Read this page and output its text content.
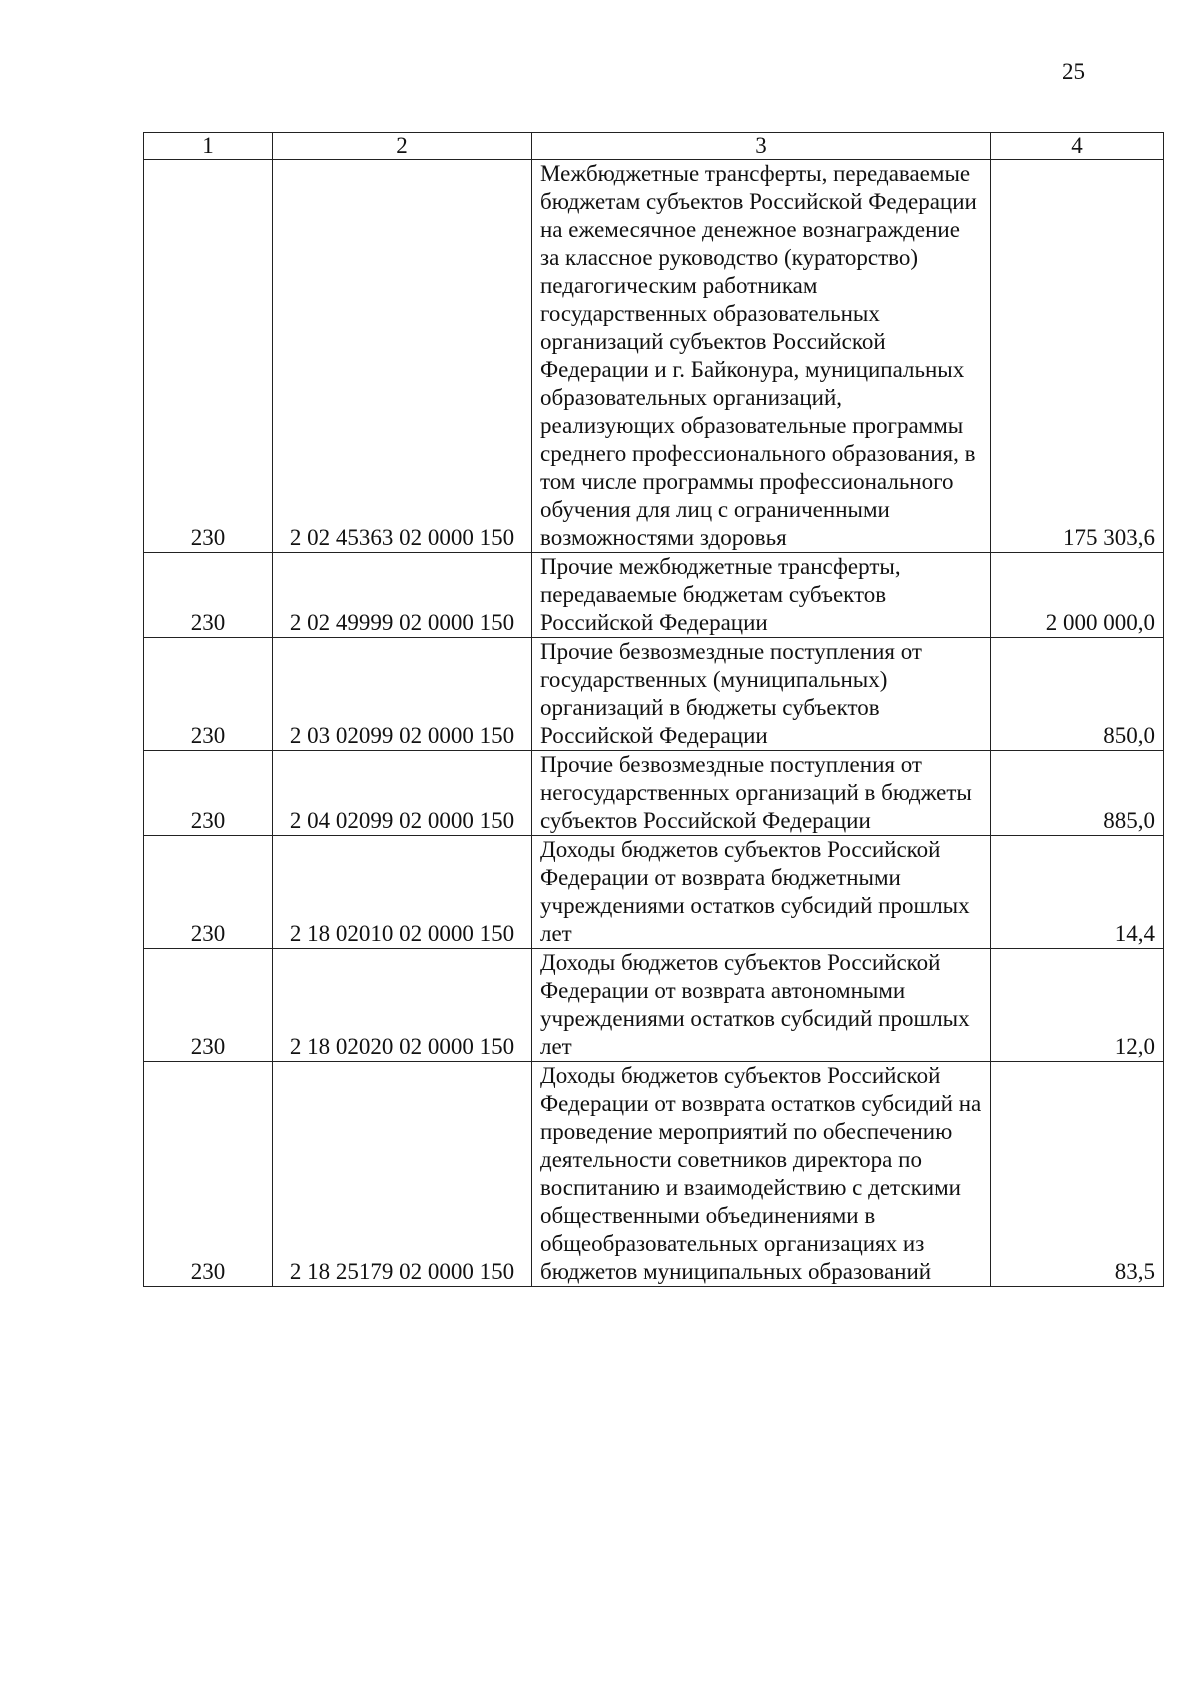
25
1	2	3	4
230	2 02 45363 02 0000 150	Межбюджетные трансферты, передаваемые бюджетам субъектов Российской Федерации на ежемесячное денежное вознаграждение за классное руководство (кураторство) педагогическим работникам государственных образовательных организаций субъектов Российской Федерации и г. Байконура, муниципальных образовательных организаций, реализующих образовательные программы среднего профессионального образования, в том числе программы профессионального обучения для лиц с ограниченными возможностями здоровья	175 303,6
230	2 02 49999 02 0000 150	Прочие межбюджетные трансферты, передаваемые бюджетам субъектов Российской Федерации	2 000 000,0
230	2 03 02099 02 0000 150	Прочие безвозмездные поступления от государственных (муниципальных) организаций в бюджеты субъектов Российской Федерации	850,0
230	2 04 02099 02 0000 150	Прочие безвозмездные поступления от негосударственных организаций в бюджеты субъектов Российской Федерации	885,0
230	2 18 02010 02 0000 150	Доходы бюджетов субъектов Российской Федерации от возврата бюджетными учреждениями остатков субсидий прошлых лет	14,4
230	2 18 02020 02 0000 150	Доходы бюджетов субъектов Российской Федерации от возврата автономными учреждениями остатков субсидий прошлых лет	12,0
230	2 18 25179 02 0000 150	Доходы бюджетов субъектов Российской Федерации от возврата остатков субсидий на проведение мероприятий по обеспечению деятельности советников директора по воспитанию и взаимодействию с детскими общественными объединениями в общеобразовательных организациях из бюджетов муниципальных образований	83,5
